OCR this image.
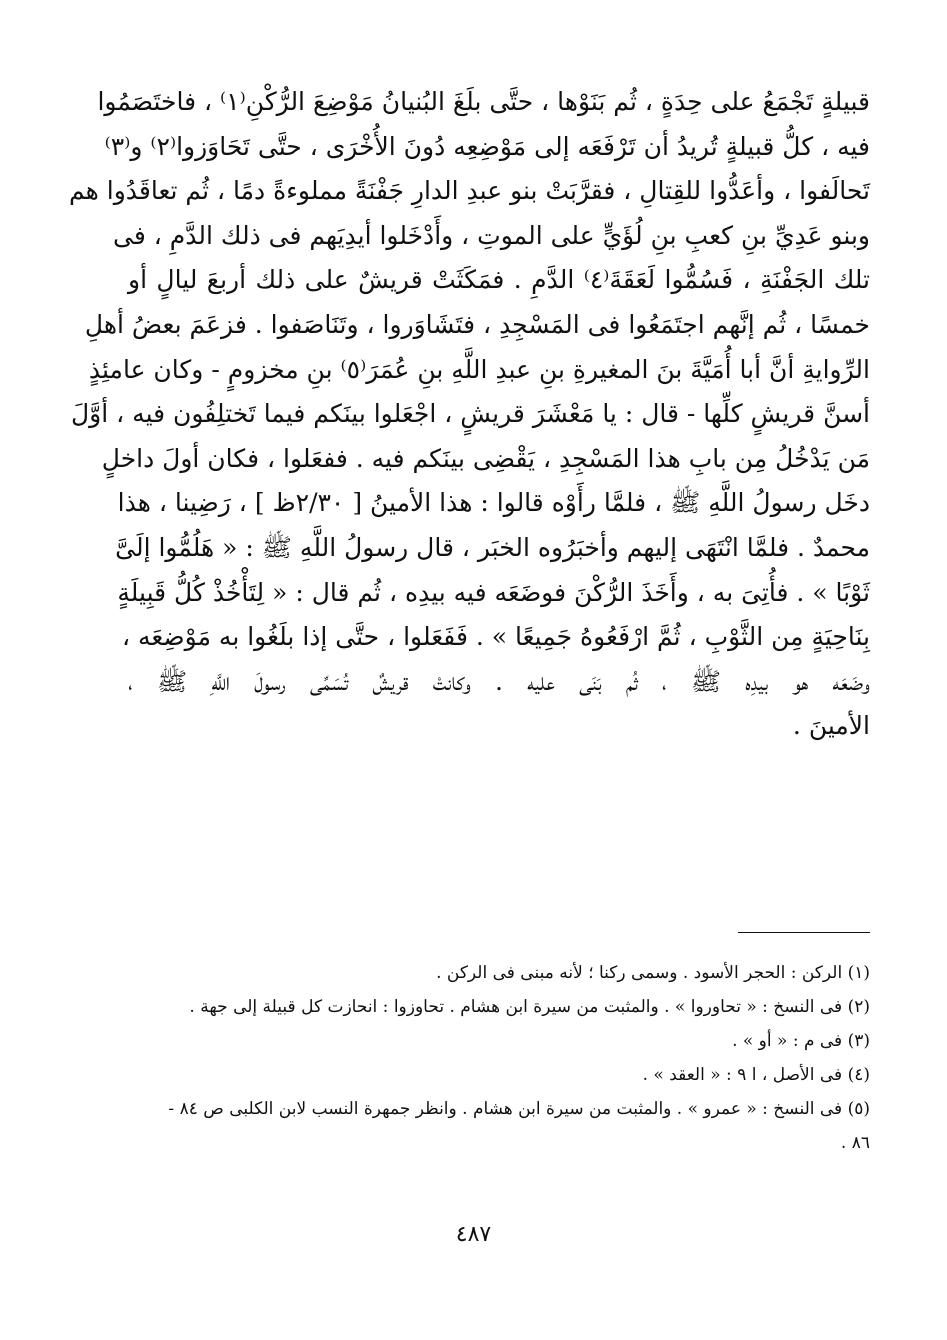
قبيلةٍ تَجْمَعُ على حِدَةٍ ، ثُم بَنَوْها ، حتَّى بلَغَ البُنيانُ مَوْضِعَ الرُّكْنِ⁽١⁾ ، فاختَصَمُوا
فيه ، كلُّ قبيلةٍ تُريدُ أن تَرْفَعَه إلى مَوْضِعِه دُونَ الأُخْرَى ، حتَّى تَحَاوَزوا⁽٢⁾ و⁽٣⁾
تَحالَفوا ، وأعَدُّوا للقِتالِ ، فقرَّبَتْ بنو عبدِ الدارِ جَفْنَةً مملوءةً دمًا ، ثُم تعاقَدُوا هم
وبنو عَدِيِّ بنِ كعبِ بنِ لُؤَيٍّ على الموتِ ، وأَدْخَلوا أيدِيَهم فى ذلك الدَّمِ ، فى
تلك الجَفْنَةِ ، فَسُمُّوا لَعَقَةَ⁽٤⁾ الدَّمِ . فمَكَثَتْ قريشٌ على ذلك أربعَ ليالٍ أو
خمسًا ، ثُم إنَّهم اجتَمَعُوا فى المَسْجِدِ ، فتَشَاوَروا ، وتَنَاصَفوا . فزعَمَ بعضُ أهلِ
الرِّوايةِ أنَّ أبا أُمَيَّةَ بنَ المغيرةِ بنِ عبدِ اللَّهِ بنِ عُمَرَ⁽٥⁾ بنِ مخزومٍ - وكان عامئِذٍ
أسنَّ قريشٍ كلِّها - قال : يا مَعْشَرَ قريشٍ ، اجْعَلوا بينَكم فيما تَختلِفُون فيه ، أوَّلَ
مَن يَدْخُلُ مِن بابِ هذا المَسْجِدِ ، يَقْضِى بينَكم فيه . ففعَلوا ، فكان أولَ داخلٍ
دخَل رسولُ اللَّهِ ﷺ ، فلمَّا رأَوْه قالوا : هذا الأمينُ [ ٢/٣٠ظ ] ، رَضِينا ، هذا
محمدٌ . فلمَّا انْتَهَى إليهم وأخبَرُوه الخبَر ، قال رسولُ اللَّهِ ﷺ : « هَلُمُّوا إلَىَّ
ثَوْبًا » . فأُتِىَ به ، وأَخَذَ الرُّكْنَ فوضَعَه فيه بيدِه ، ثُم قال : « لِتَأْخُذْ كُلُّ قَبِيلَةٍ
بِنَاحِيَةٍ مِن الثَّوْبِ ، ثُمَّ ارْفَعُوهُ جَمِيعًا » . فَفَعَلوا ، حتَّى إذا بلَغُوا به مَوْضِعَه ،
وضَعَه هو بيدِه ﷺ ، ثُم بَنَى عليه . وكانتْ قريشٌ تُسَمِّى رسولَ اللَّهِ ﷺ ،
الأمينَ .
(١) الركن : الحجر الأسود . وسمى ركنا ؛ لأنه مبنى فى الركن .
(٢) فى النسخ : « تحاوروا » . والمثبت من سيرة ابن هشام . تحاوزوا : انحازت كل قبيلة إلى جهة .
(٣) فى م : « أو » .
(٤) فى الأصل ، ا ٩ : « العقد » .
(٥) فى النسخ : « عمرو » . والمثبت من سيرة ابن هشام . وانظر جمهرة النسب لابن الكلبى ص ٨٤ -
٨٦ .
٤٨٧
